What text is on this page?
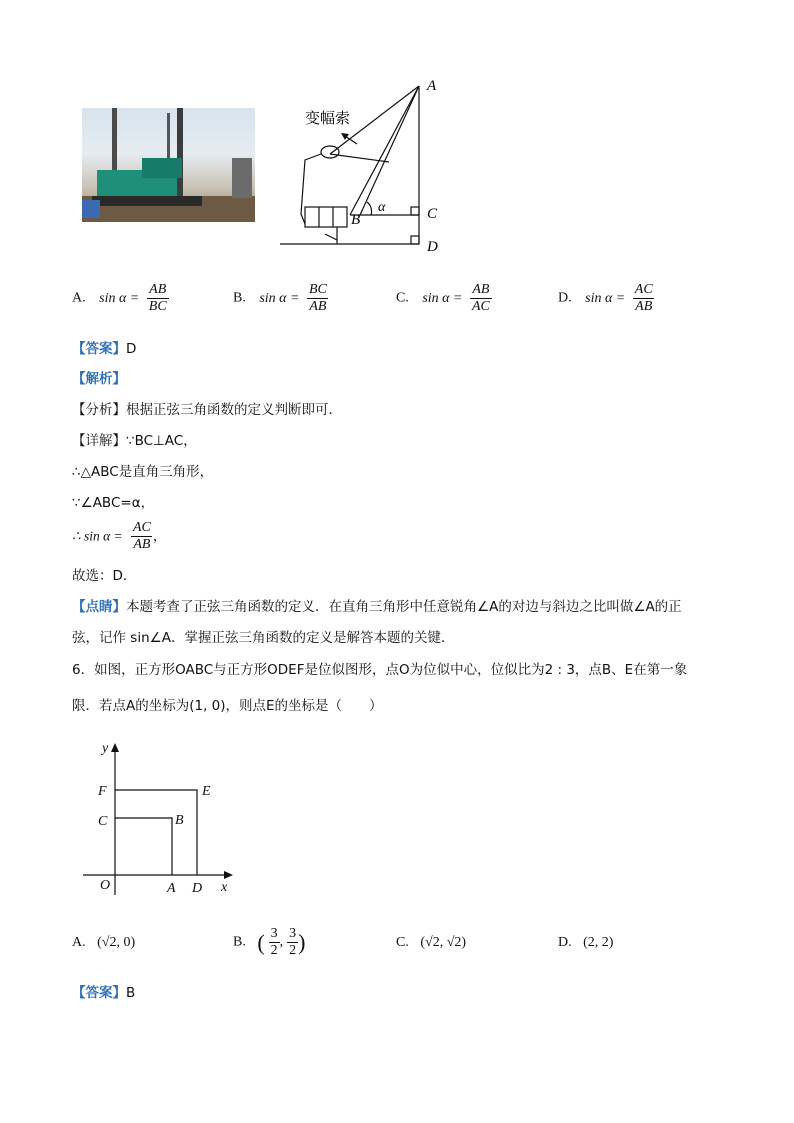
A
B	C
D
α
变幅索
A. $\sin \alpha = \frac{AB}{BC}$	B. $\sin \alpha = \frac{BC}{AB}$	C. $\sin \alpha = \frac{AB}{AC}$	D. $\sin \alpha = \frac{AC}{AB}$
【答案】D
【解析】
【分析】根据正弦三角函数的定义判断即可．
【详解】∵BC⊥AC，
∴△ABC是直角三角形，
∵∠ABC=α，
∴ $\sin \alpha = \frac{AC}{AB}$ ，
故选：D．
【点睛】本题考查了正弦三角函数的定义．在直角三角形中任意锐角∠A的对边与斜边之比叫做∠A的正
弦，记作 sin∠A．掌握正弦三角函数的定义是解答本题的关键．
6．如图，正方形OABC与正方形ODEF是位似图形，点O为位似中心，位似比为2 : 3，点B、E在第一象
限．若点A的坐标为(1, 0)，则点E的坐标是（　　）
y
x
O	A D
B
C
E
F
A. (√2, 0)	B. ( $\frac{3}{2}$ , $\frac{3}{2}$ )	C. (√2, √2)	D. (2, 2)
【答案】B
